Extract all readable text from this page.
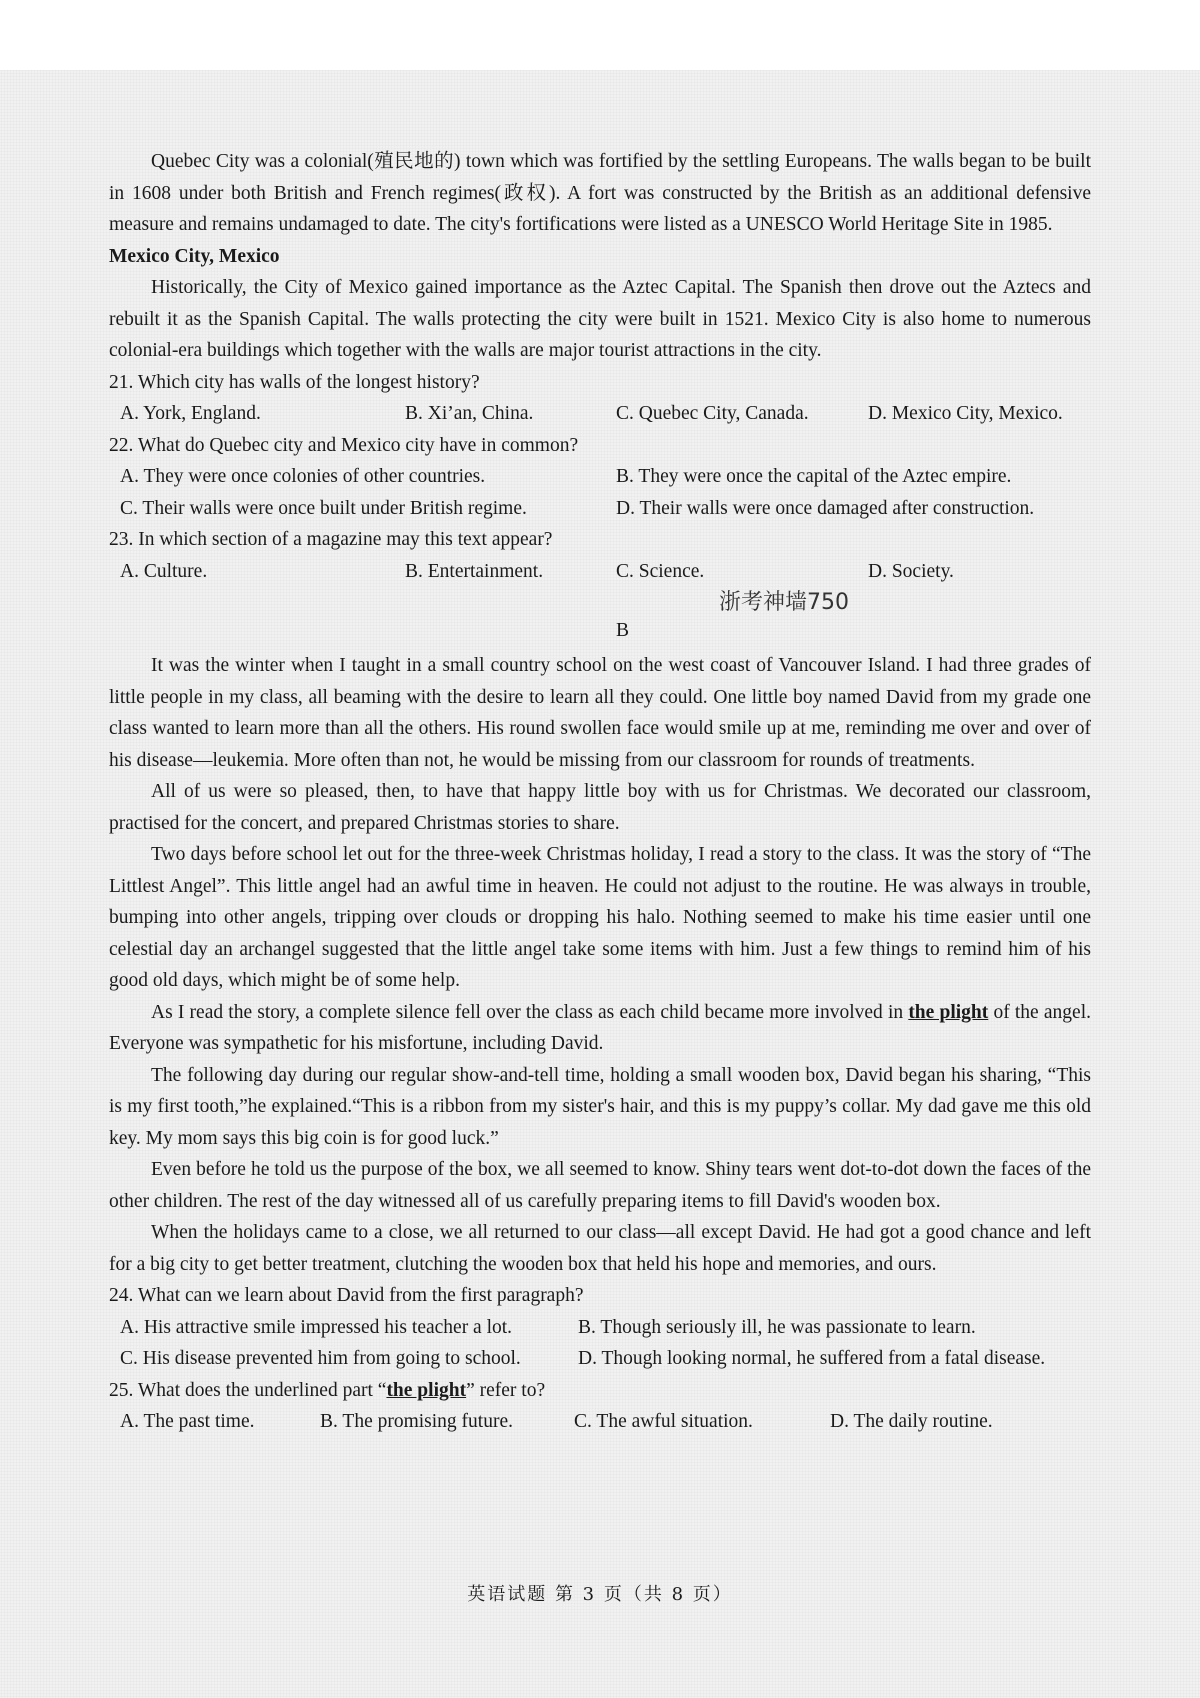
Quebec City was a colonial(殖民地的) town which was fortified by the settling Europeans. The walls began to be built in 1608 under both British and French regimes(政权). A fort was constructed by the British as an additional defensive measure and remains undamaged to date. The city's fortifications were listed as a UNESCO World Heritage Site in 1985.

Mexico City, Mexico

Historically, the City of Mexico gained importance as the Aztec Capital. The Spanish then drove out the Aztecs and rebuilt it as the Spanish Capital. The walls protecting the city were built in 1521. Mexico City is also home to numerous colonial-era buildings which together with the walls are major tourist attractions in the city.

21. Which city has walls of the longest history?

A. York, England.	B. Xi’an, China.	C. Quebec City, Canada.	D. Mexico City, Mexico.

22. What do Quebec city and Mexico city have in common?

A. They were once colonies of other countries.	B. They were once the capital of the Aztec empire.
C. Their walls were once built under British regime.	D. Their walls were once damaged after construction.

23. In which section of a magazine may this text appear?

A. Culture.	B. Entertainment.	C. Science.	D. Society.
浙考神墙750
B

It was the winter when I taught in a small country school on the west coast of Vancouver Island. I had three grades of little people in my class, all beaming with the desire to learn all they could. One little boy named David from my grade one class wanted to learn more than all the others. His round swollen face would smile up at me, reminding me over and over of his disease—leukemia. More often than not, he would be missing from our classroom for rounds of treatments.

All of us were so pleased, then, to have that happy little boy with us for Christmas. We decorated our classroom, practised for the concert, and prepared Christmas stories to share.

Two days before school let out for the three-week Christmas holiday, I read a story to the class. It was the story of “The Littlest Angel”. This little angel had an awful time in heaven. He could not adjust to the routine. He was always in trouble, bumping into other angels, tripping over clouds or dropping his halo. Nothing seemed to make his time easier until one celestial day an archangel suggested that the little angel take some items with him. Just a few things to remind him of his good old days, which might be of some help.

As I read the story, a complete silence fell over the class as each child became more involved in the plight of the angel. Everyone was sympathetic for his misfortune, including David.

The following day during our regular show-and-tell time, holding a small wooden box, David began his sharing, “This is my first tooth,”he explained.“This is a ribbon from my sister's hair, and this is my puppy’s collar. My dad gave me this old key. My mom says this big coin is for good luck.”

Even before he told us the purpose of the box, we all seemed to know. Shiny tears went dot-to-dot down the faces of the other children. The rest of the day witnessed all of us carefully preparing items to fill David's wooden box.

When the holidays came to a close, we all returned to our class—all except David. He had got a good chance and left for a big city to get better treatment, clutching the wooden box that held his hope and memories, and ours.

24. What can we learn about David from the first paragraph?

A. His attractive smile impressed his teacher a lot.	B. Though seriously ill, he was passionate to learn.
C. His disease prevented him from going to school.	D. Though looking normal, he suffered from a fatal disease.

25. What does the underlined part “the plight” refer to?

A. The past time.	B. The promising future.	C. The awful situation.	D. The daily routine.
英语试题 第 3 页（共 8 页）
